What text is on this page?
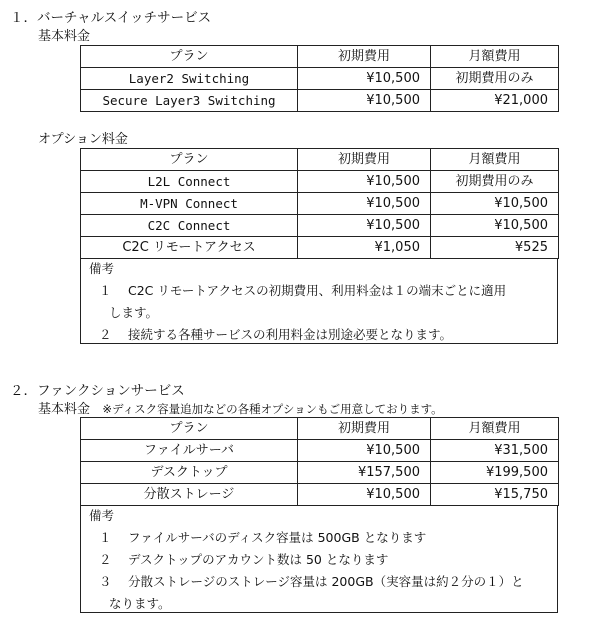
１．バーチャルスイッチサービス
基本料金
プラン	初期費用	月額費用
Layer2 Switching	¥10,500	初期費用のみ
Secure Layer3 Switching	¥10,500	¥21,000
オプション料金
プラン	初期費用	月額費用
L2L Connect	¥10,500	初期費用のみ
M-VPN Connect	¥10,500	¥10,500
C2C Connect	¥10,500	¥10,500
C2C リモートアクセス	¥1,050	¥525
備考
１　 C2C リモートアクセスの初期費用、利用料金は１の端末ごとに適用
します。
２　 接続する各種サービスの利用料金は別途必要となります。
２．ファンクションサービス
基本料金 ※ディスク容量追加などの各種オプションもご用意しております。
プラン	初期費用	月額費用
ファイルサーバ	¥10,500	¥31,500
デスクトップ	¥157,500	¥199,500
分散ストレージ	¥10,500	¥15,750
備考
１　 ファイルサーバのディスク容量は 500GB となります
２　 デスクトップのアカウント数は 50 となります
３　 分散ストレージのストレージ容量は 200GB（実容量は約２分の１）と
なります。
